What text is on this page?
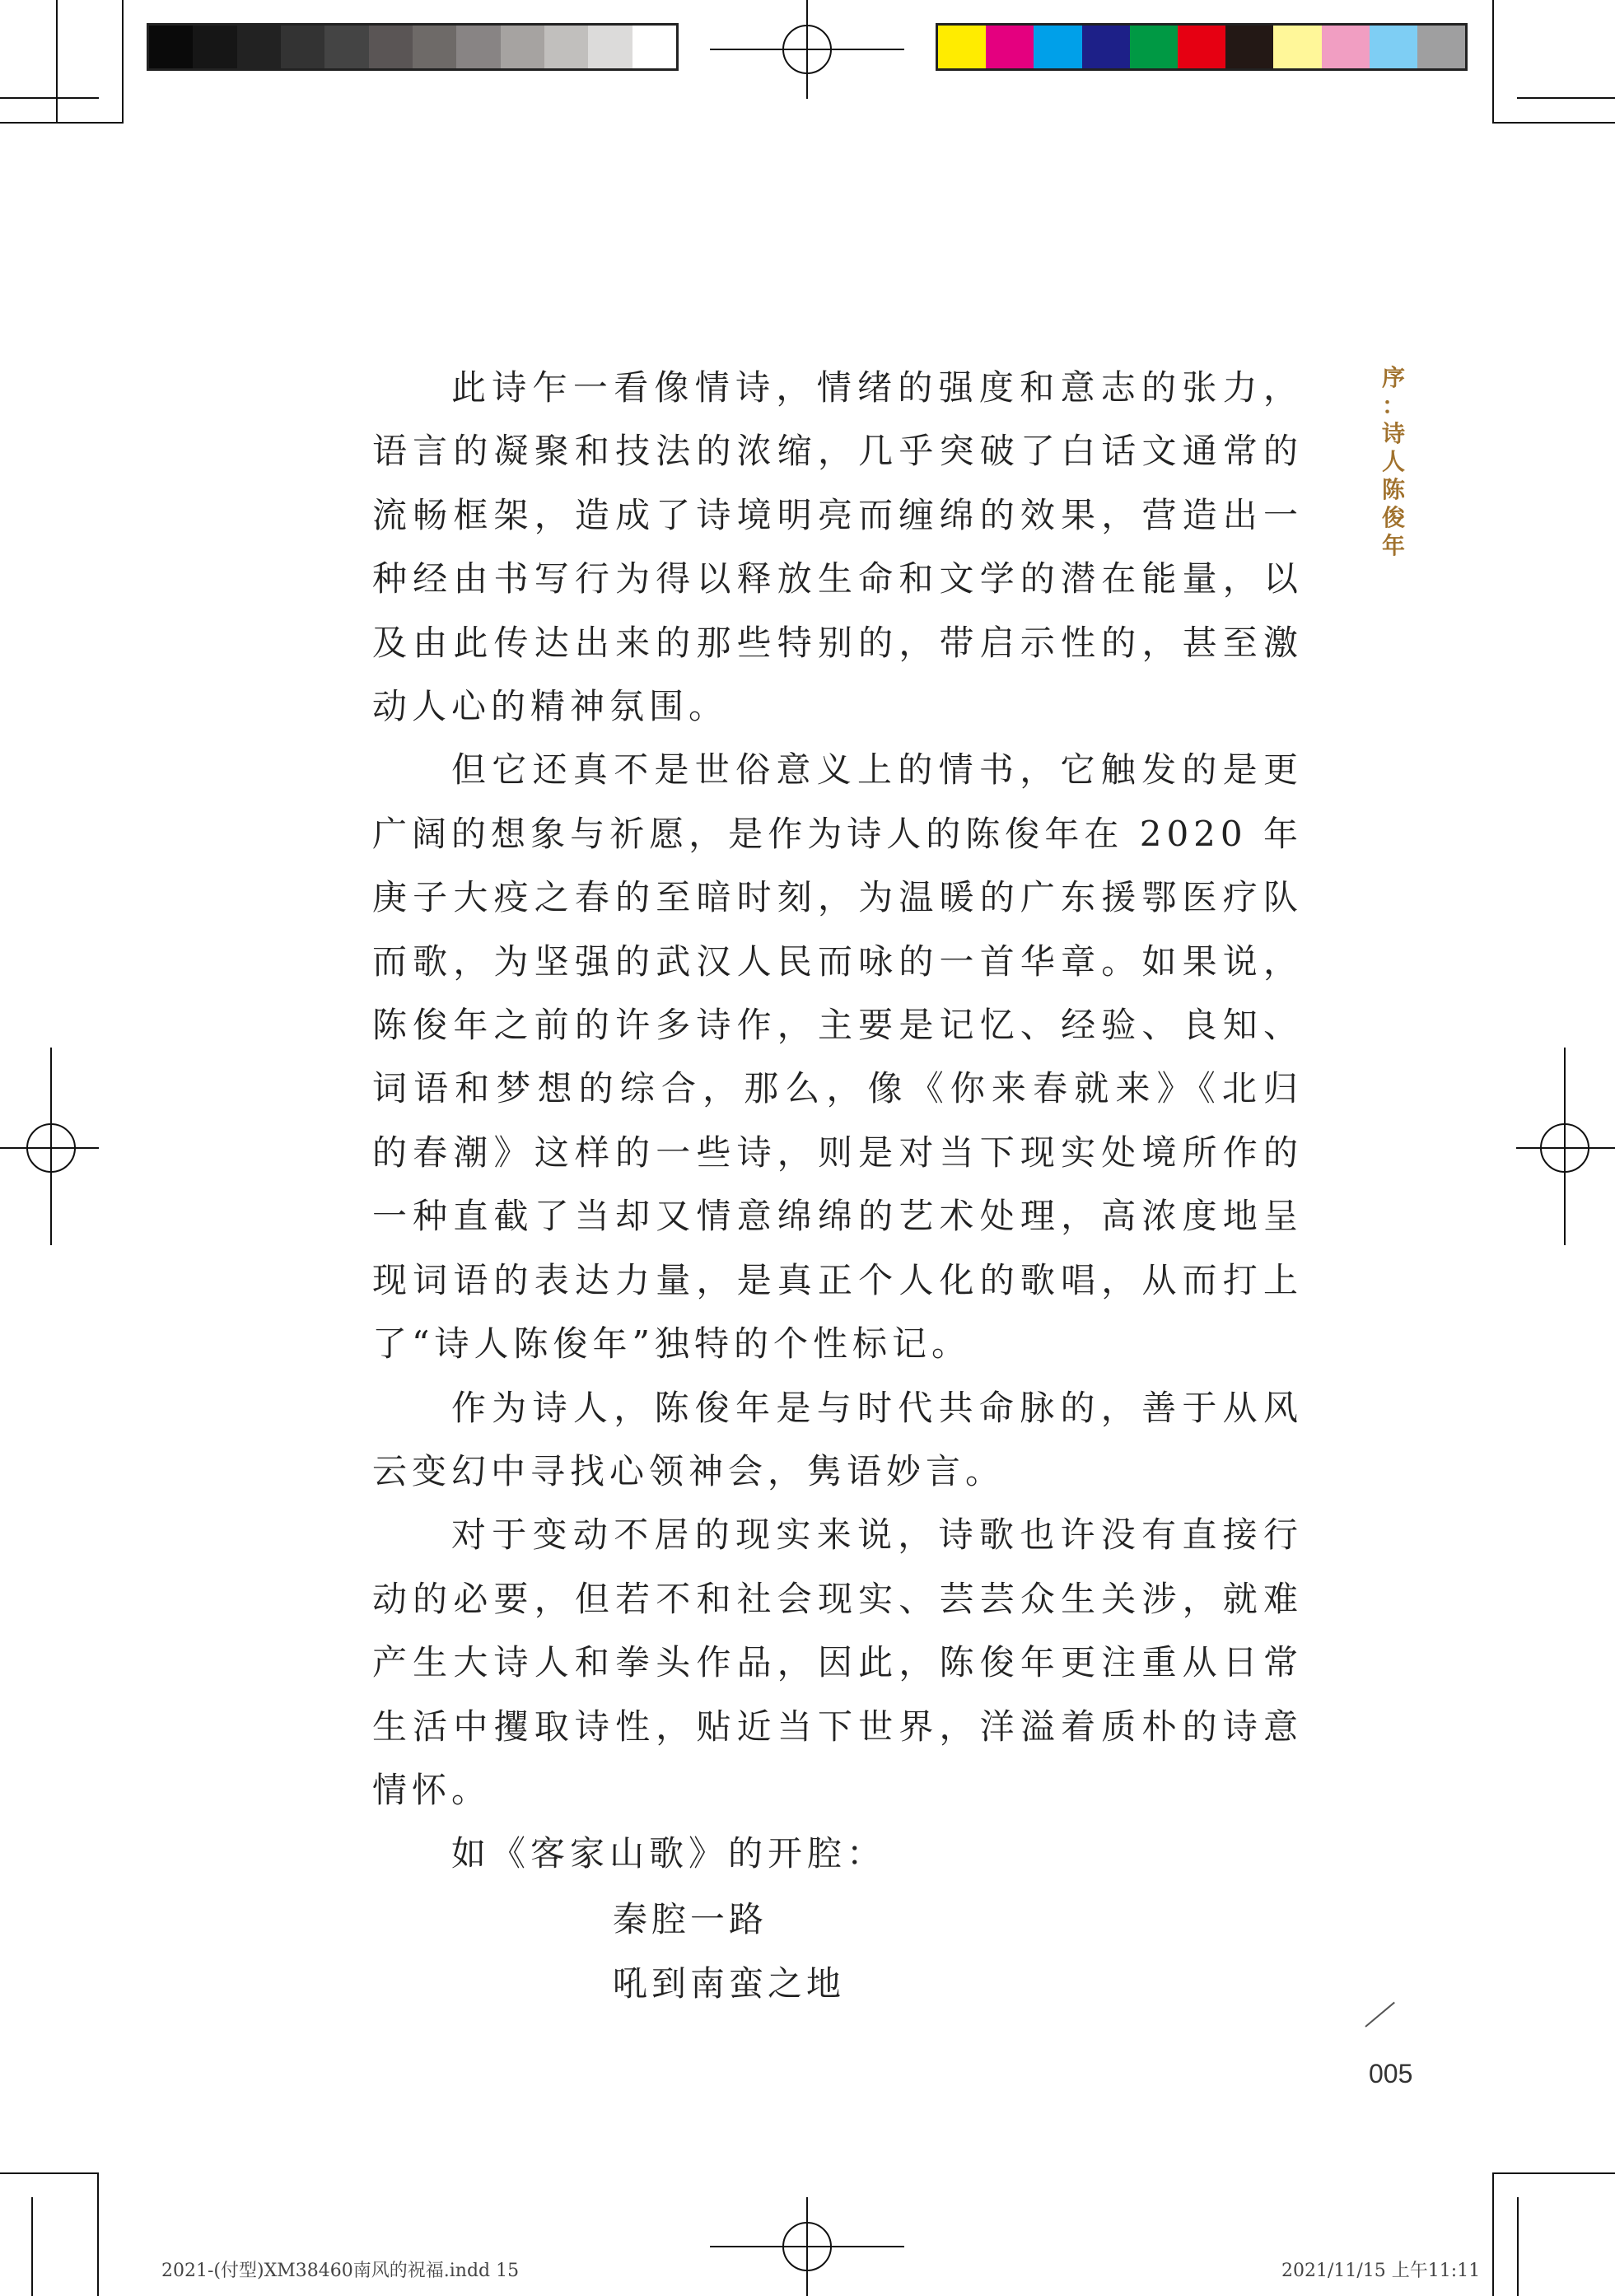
序
：
诗
人
陈
俊
年

此诗乍一看像情诗，情绪的强度和意志的张力，语言的凝聚和技法的浓缩，几乎突破了白话文通常的流畅框架，造成了诗境明亮而缠绵的效果，营造出一种经由书写行为得以释放生命和文学的潜在能量，以及由此传达出来的那些特别的，带启示性的，甚至激动人心的精神氛围。

但它还真不是世俗意义上的情书，它触发的是更广阔的想象与祈愿，是作为诗人的陈俊年在 2020 年庚子大疫之春的至暗时刻，为温暖的广东援鄂医疗队而歌，为坚强的武汉人民而咏的一首华章。如果说，陈俊年之前的许多诗作，主要是记忆、经验、良知、词语和梦想的综合，那么，像《你来春就来》《北归的春潮》这样的一些诗，则是对当下现实处境所作的一种直截了当却又情意绵绵的艺术处理，高浓度地呈现词语的表达力量，是真正个人化的歌唱，从而打上了“诗人陈俊年”独特的个性标记。

作为诗人，陈俊年是与时代共命脉的，善于从风云变幻中寻找心领神会，隽语妙言。

对于变动不居的现实来说，诗歌也许没有直接行动的必要，但若不和社会现实、芸芸众生关涉，就难产生大诗人和拳头作品，因此，陈俊年更注重从日常生活中攫取诗性，贴近当下世界，洋溢着质朴的诗意情怀。

如《客家山歌》的开腔：

秦腔一路
吼到南蛮之地
005
2021-(付型)XM38460南风的祝福.indd 15	2021/11/15 上午11:11
